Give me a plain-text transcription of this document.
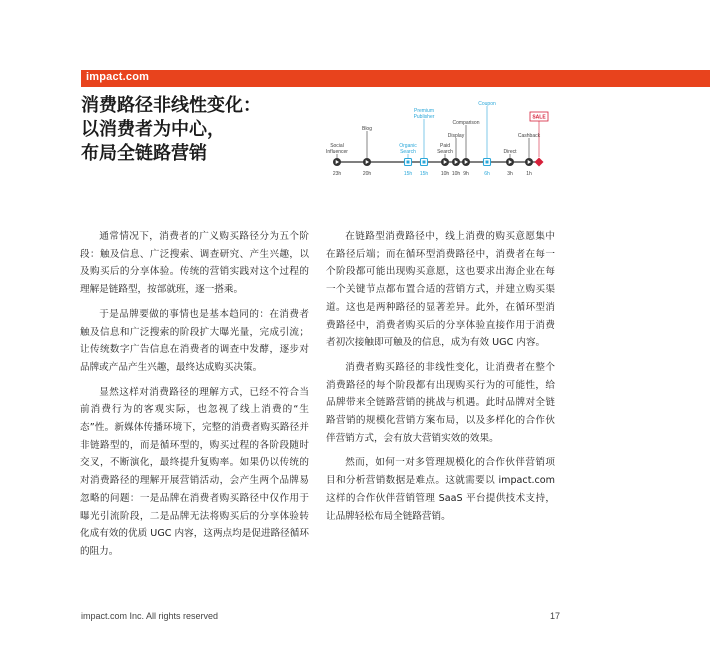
impact.com
消费路径非线性变化：
以消费者为中心，
布局全链路营销	Social
Influencer
23h
Blog
20h
Organic
Search
15h
Premium
Publisher
15h
Paid
Search
10h
Display
10h
Comparison
9h
Coupon
6h
Direct
3h
Cashback
1h
SALE

通常情况下，消费者的广义购买路径分为五个阶段：触及信息、广泛搜索、调查研究、产生兴趣，以及购买后的分享体验。传统的营销实践对这个过程的理解是链路型，按部就班，逐一搭乘。

于是品牌要做的事情也是基本趋同的：在消费者触及信息和广泛搜索的阶段扩大曝光量，完成引流；让传统数字广告信息在消费者的调查中发酵，逐步对品牌或产品产生兴趣，最终达成购买决策。

显然这样对消费路径的理解方式，已经不符合当前消费行为的客观实际，也忽视了线上消费的“生态”性。新媒体传播环境下，完整的消费者购买路径并非链路型的，而是循环型的，购买过程的各阶段随时交叉，不断演化，最终提升复购率。如果仍以传统的对消费路径的理解开展营销活动，会产生两个品牌易忽略的问题：一是品牌在消费者购买路径中仅作用于曝光引流阶段，二是品牌无法将购买后的分享体验转化成有效的优质 UGC 内容，这两点均是促进路径循环的阻力。

在链路型消费路径中，线上消费的购买意愿集中在路径后端；而在循环型消费路径中，消费者在每一个阶段都可能出现购买意愿，这也要求出海企业在每一个关键节点都布置合适的营销方式，并建立购买渠道。这也是两种路径的显著差异。此外，在循环型消费路径中，消费者购买后的分享体验直接作用于消费者初次接触即可触及的信息，成为有效 UGC 内容。

消费者购买路径的非线性变化，让消费者在整个消费路径的每个阶段都有出现购买行为的可能性，给品牌带来全链路营销的挑战与机遇。此时品牌对全链路营销的规模化营销方案布局，以及多样化的合作伙伴营销方式，会有放大营销实效的效果。

然而，如何一对多管理规模化的合作伙伴营销项目和分析营销数据是难点。这就需要以 impact.com 这样的合作伙伴营销管理 SaaS 平台提供技术支持，让品牌轻松布局全链路营销。

impact.com Inc. All rights reserved	17
